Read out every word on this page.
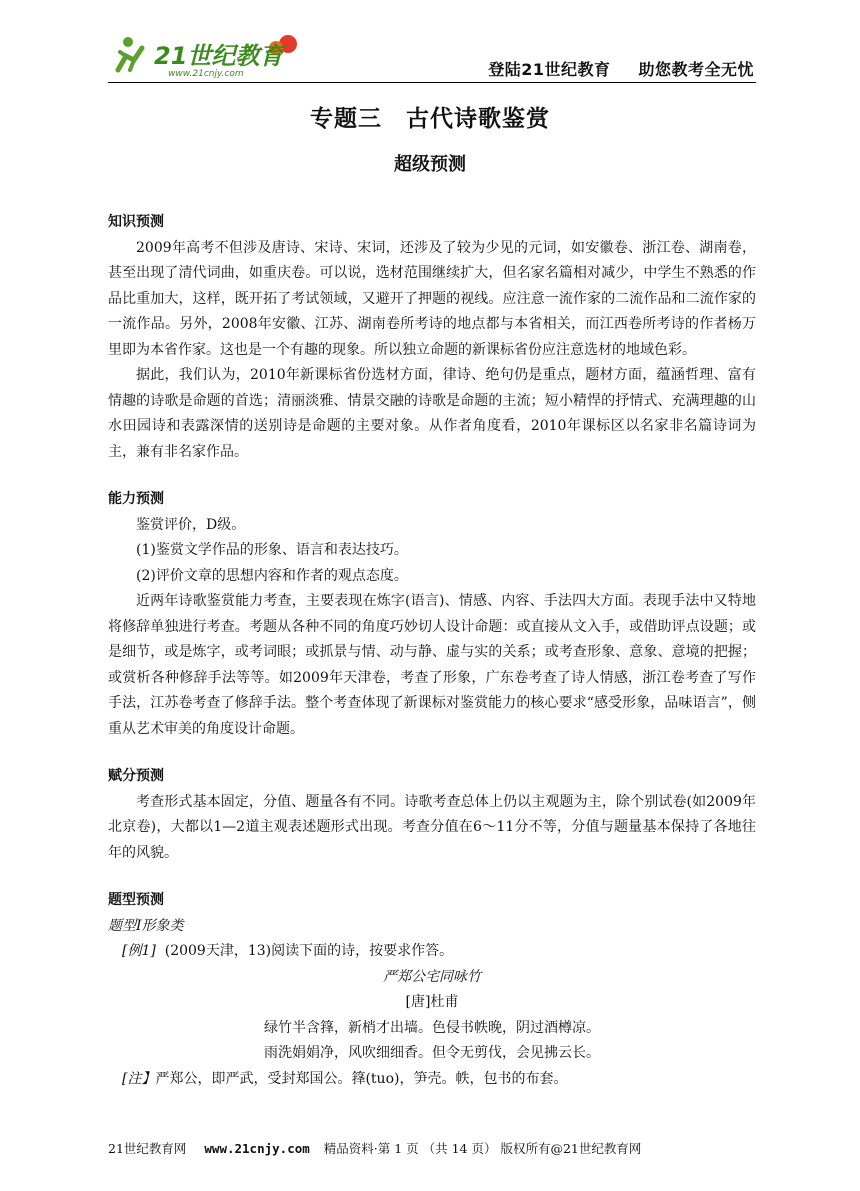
21世纪教育
www.21cnjy.com	登陆21世纪教育 助您教考全无忧
专题三　古代诗歌鉴赏
超级预测
知识预测

2009年高考不但涉及唐诗、宋诗、宋词，还涉及了较为少见的元词，如安徽卷、浙江卷、湖南卷，甚至出现了清代词曲，如重庆卷。可以说，选材范围继续扩大，但名家名篇相对减少，中学生不熟悉的作品比重加大，这样，既开拓了考试领域，又避开了押题的视线。应注意一流作家的二流作品和二流作家的一流作品。另外，2008年安徽、江苏、湖南卷所考诗的地点都与本省相关，而江西卷所考诗的作者杨万里即为本省作家。这也是一个有趣的现象。所以独立命题的新课标省份应注意选材的地域色彩。

据此，我们认为，2010年新课标省份选材方面，律诗、绝句仍是重点，题材方面，蕴涵哲理、富有情趣的诗歌是命题的首选；清丽淡雅、情景交融的诗歌是命题的主流；短小精悍的抒情式、充满理趣的山水田园诗和表露深情的送别诗是命题的主要对象。从作者角度看，2010年课标区以名家非名篇诗词为主，兼有非名家作品。

能力预测

鉴赏评价，D级。

(1)鉴赏文学作品的形象、语言和表达技巧。

(2)评价文章的思想内容和作者的观点态度。

近两年诗歌鉴赏能力考查，主要表现在炼字(语言)、情感、内容、手法四大方面。表现手法中又特地将修辞单独进行考查。考题从各种不同的角度巧妙切人设计命题：或直接从文入手，或借助评点设题；或是细节，或是炼字，或考词眼；或抓景与情、动与静、虚与实的关系；或考查形象、意象、意境的把握；或赏析各种修辞手法等等。如2009年天津卷，考查了形象，广东卷考查了诗人情感，浙江卷考查了写作手法，江苏卷考查了修辞手法。整个考查体现了新课标对鉴赏能力的核心要求“感受形象，品味语言”，侧重从艺术审美的角度设计命题。

赋分预测

考查形式基本固定，分值、题量各有不同。诗歌考查总体上仍以主观题为主，除个别试卷(如2009年北京卷)，大都以1—2道主观表述题形式出现。考查分值在6～11分不等，分值与题量基本保持了各地往年的风貌。

题型预测
题型Ⅰ形象类

[例1] (2009天津，13)阅读下面的诗，按要求作答。

严郑公宅同咏竹

[唐]杜甫

绿竹半含箨，新梢才出墙。色侵书帙晚，阴过酒樽凉。

雨洗娟娟净，风吹细细香。但令无剪伐，会见拂云长。

[注】严郑公，即严武，受封郑国公。箨(tuo)，笋壳。帙，包书的布套。

21世纪教育网 www.21cnjy.com 精品资料·第 1 页 （共 14 页） 版权所有@21世纪教育网
